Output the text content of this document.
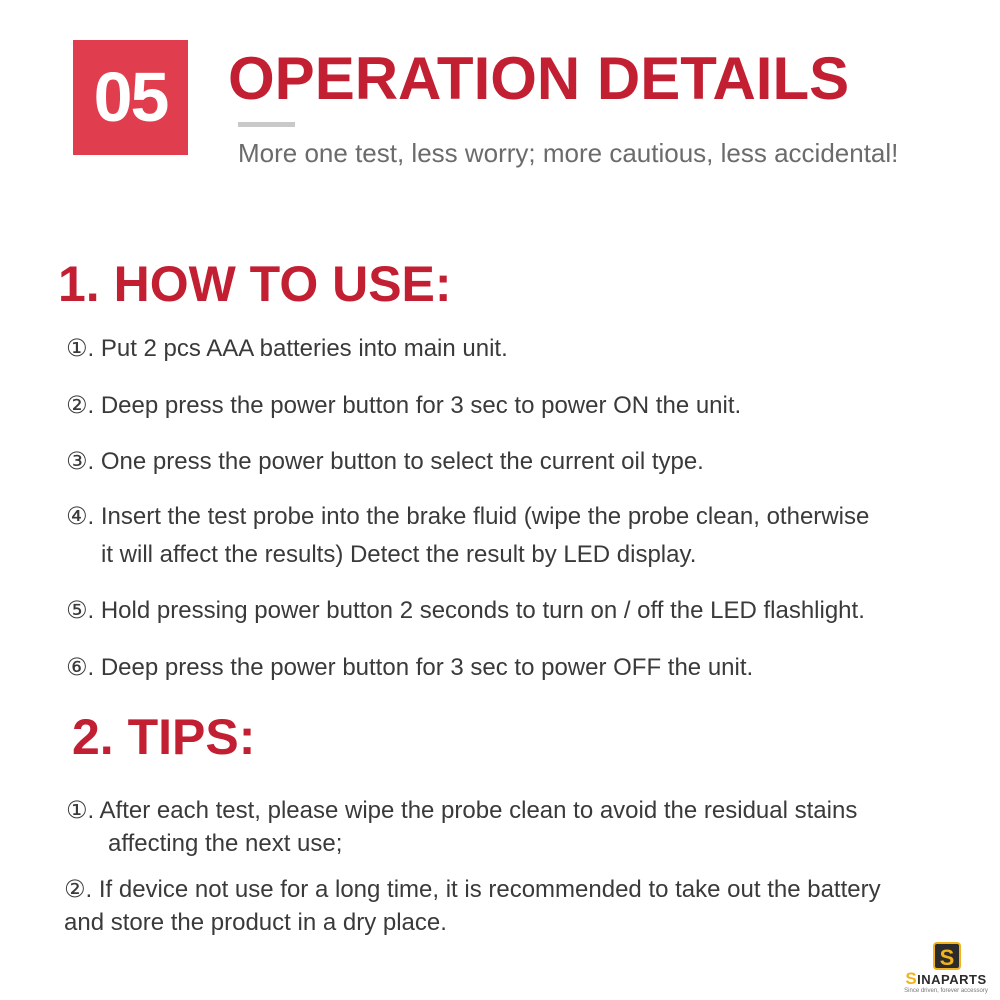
05	OPERATION DETAILS
More one test, less worry; more cautious, less accidental!
1. HOW TO USE:
①. Put 2 pcs AAA batteries into main unit.
②. Deep press the power button for 3 sec to power ON the unit.
③. One press the power button to select the current oil type.
④. Insert the test probe into the brake fluid (wipe the probe clean, otherwise
it will affect the results) Detect the result by LED display.
⑤. Hold pressing power button 2 seconds to turn on / off the LED flashlight.
⑥. Deep press the power button for 3 sec to power OFF the unit.
2. TIPS:
①. After each test, please wipe the probe clean to avoid the residual stains
affecting the next use;
②. If device not use for a long time, it is recommended to take out the battery
and store the product in a dry place.
S
SINAPARTS
Since driven, forever accessory
